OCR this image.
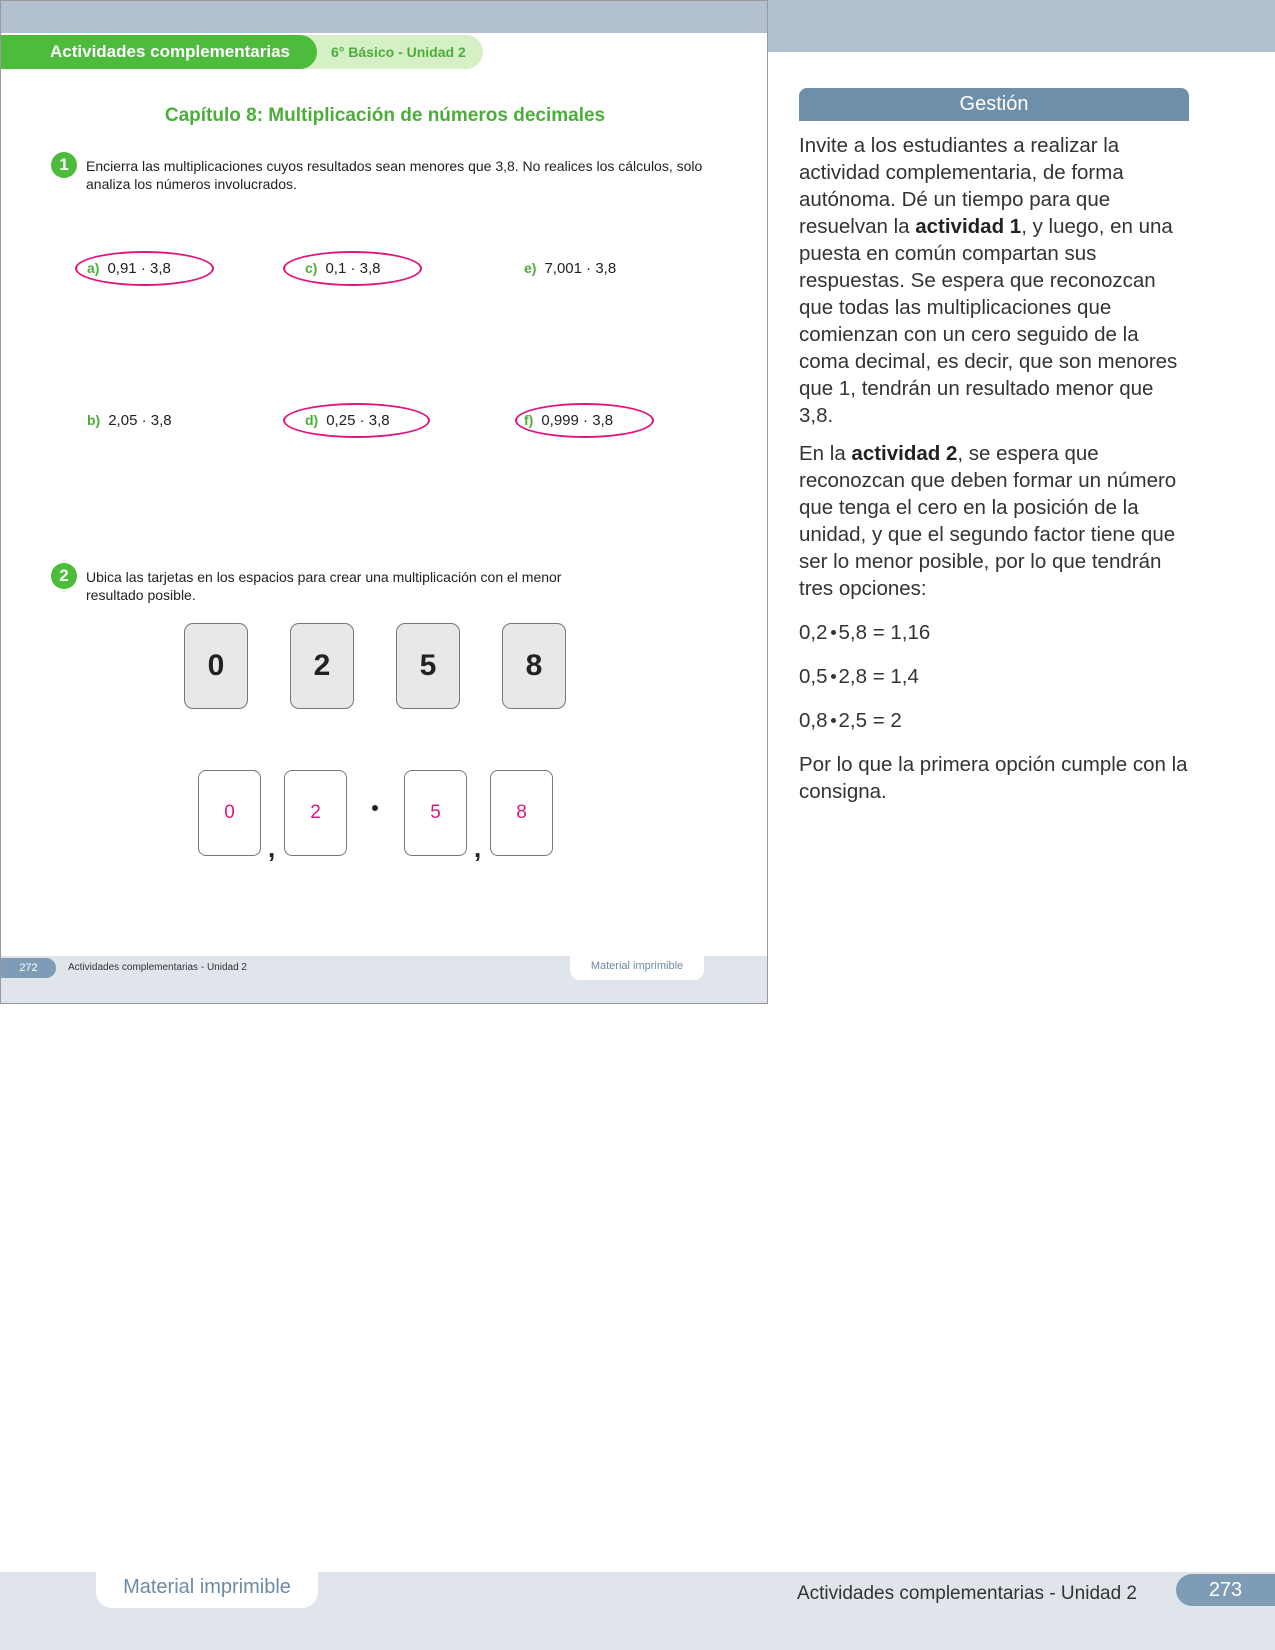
6° Básico - Unidad 2
Actividades complementarias
Capítulo 8: Multiplicación de números decimales
1	Encierra las multiplicaciones cuyos resultados sean menores que 3,8. No realices los cálculos, solo analiza los números involucrados.
a) 0,91 · 3,8	c) 0,1 · 3,8	e) 7,001 · 3,8
b) 2,05 · 3,8	d) 0,25 · 3,8	f) 0,999 · 3,8
2	Ubica las tarjetas en los espacios para crear una multiplicación con el menor resultado posible.
0	2	5	8
0
,
2	5
,
8
272	Actividades complementarias - Unidad 2	Material imprimible
Gestión

Invite a los estudiantes a realizar la actividad complementaria, de forma autónoma. Dé un tiempo para que resuelvan la actividad 1, y luego, en una puesta en común compartan sus respuestas. Se espera que reconozcan que todas las multiplicaciones que comienzan con un cero seguido de la coma decimal, es decir, que son menores que 1, tendrán un resultado menor que 3,8.

En la actividad 2, se espera que reconozcan que deben formar un número que tenga el cero en la posición de la unidad, y que el segundo factor tiene que ser lo menor posible, por lo que tendrán tres opciones:

0,2 5,8 = 1,16
0,5 2,8 = 1,4
0,8 2,5 = 2

Por lo que la primera opción cumple con la consigna.

Material imprimible	Actividades complementarias - Unidad 2	273
